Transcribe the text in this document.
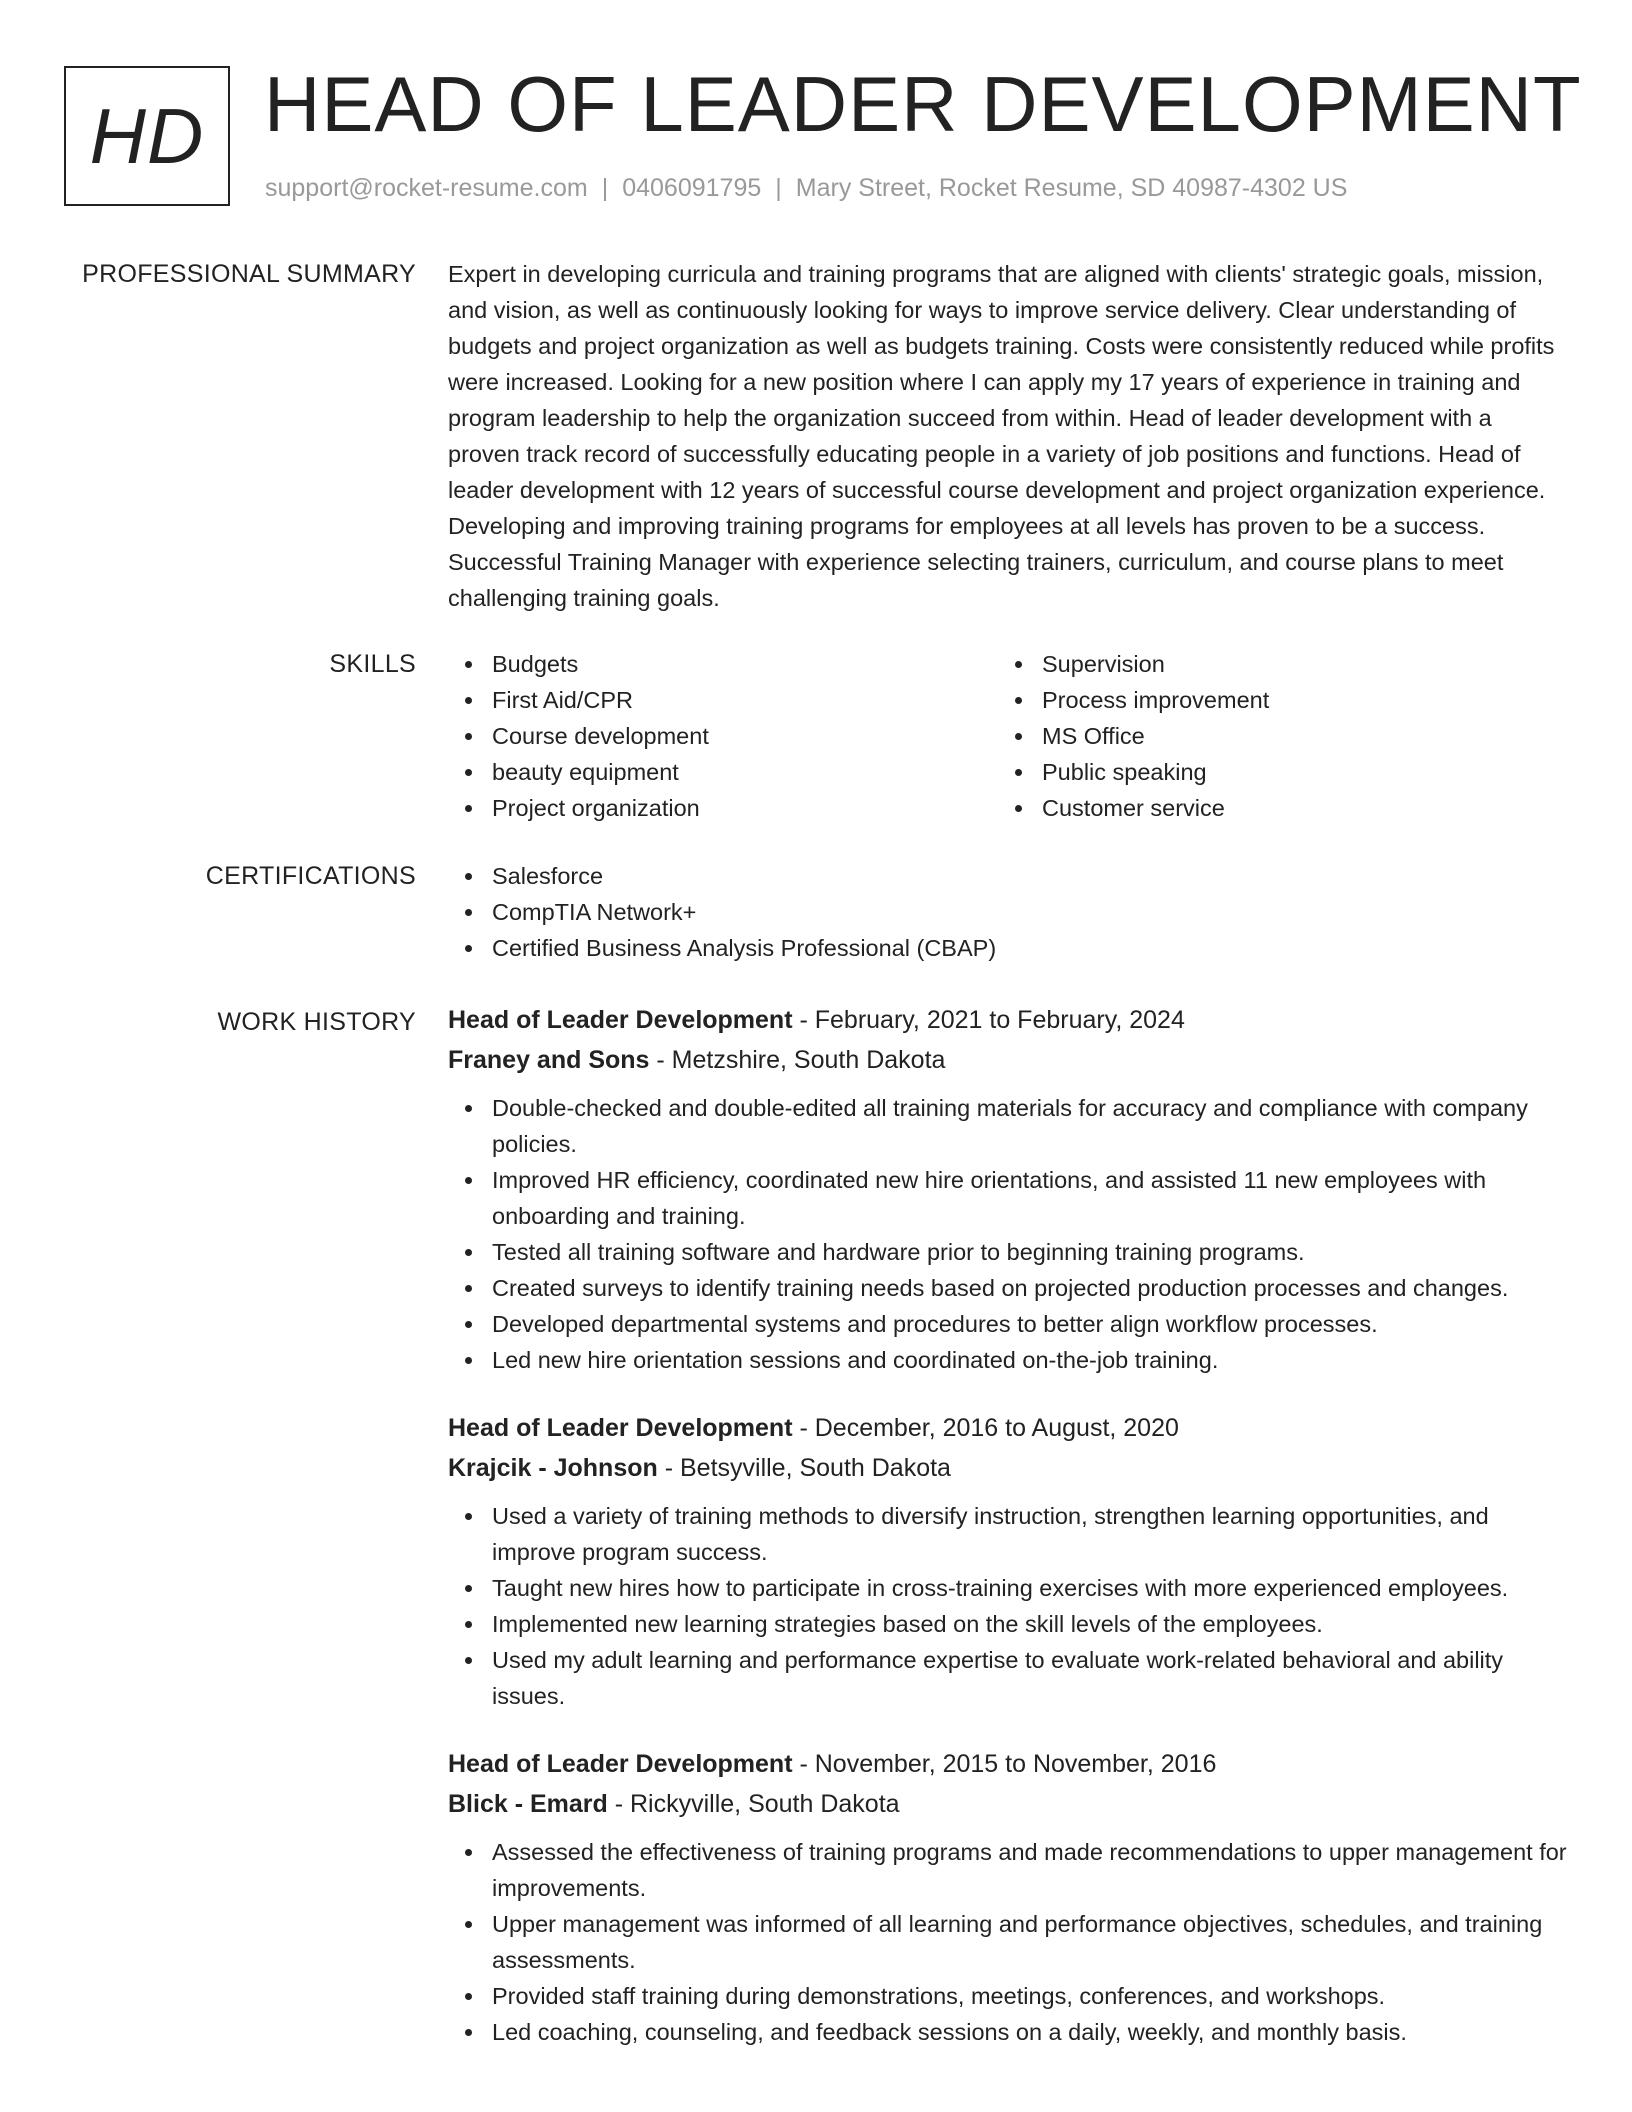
HD HEAD OF LEADER DEVELOPMENT
support@rocket-resume.com | 0406091795 | Mary Street, Rocket Resume, SD 40987-4302 US
PROFESSIONAL SUMMARY Expert in developing curricula and training programs that are aligned with clients' strategic goals, mission, and vision, as well as continuously looking for ways to improve service delivery. Clear understanding of budgets and project organization as well as budgets training. Costs were consistently reduced while profits were increased. Looking for a new position where I can apply my 17 years of experience in training and program leadership to help the organization succeed from within. Head of leader development with a proven track record of successfully educating people in a variety of job positions and functions. Head of leader development with 12 years of successful course development and project organization experience. Developing and improving training programs for employees at all levels has proven to be a success. Successful Training Manager with experience selecting trainers, curriculum, and course plans to meet challenging training goals.

SKILLS	Budgets
First Aid/CPR
Course development
beauty equipment
Project organization
Supervision
Process improvement
MS Office
Public speaking
Customer service
CERTIFICATIONS	Salesforce
CompTIA Network+
Certified Business Analysis Professional (CBAP)
WORK HISTORY Head of Leader Development - February, 2021 to February, 2024
Franey and Sons - Metzshire, South Dakota
Double-checked and double-edited all training materials for accuracy and compliance with company policies.
Improved HR efficiency, coordinated new hire orientations, and assisted 11 new employees with onboarding and training.
Tested all training software and hardware prior to beginning training programs.
Created surveys to identify training needs based on projected production processes and changes.
Developed departmental systems and procedures to better align workflow processes.
Led new hire orientation sessions and coordinated on-the-job training.
Head of Leader Development - December, 2016 to August, 2020
Krajcik - Johnson - Betsyville, South Dakota
Used a variety of training methods to diversify instruction, strengthen learning opportunities, and improve program success.
Taught new hires how to participate in cross-training exercises with more experienced employees.
Implemented new learning strategies based on the skill levels of the employees.
Used my adult learning and performance expertise to evaluate work-related behavioral and ability issues.
Head of Leader Development - November, 2015 to November, 2016
Blick - Emard - Rickyville, South Dakota
Assessed the effectiveness of training programs and made recommendations to upper management for improvements.
Upper management was informed of all learning and performance objectives, schedules, and training assessments.
Provided staff training during demonstrations, meetings, conferences, and workshops.
Led coaching, counseling, and feedback sessions on a daily, weekly, and monthly basis.
